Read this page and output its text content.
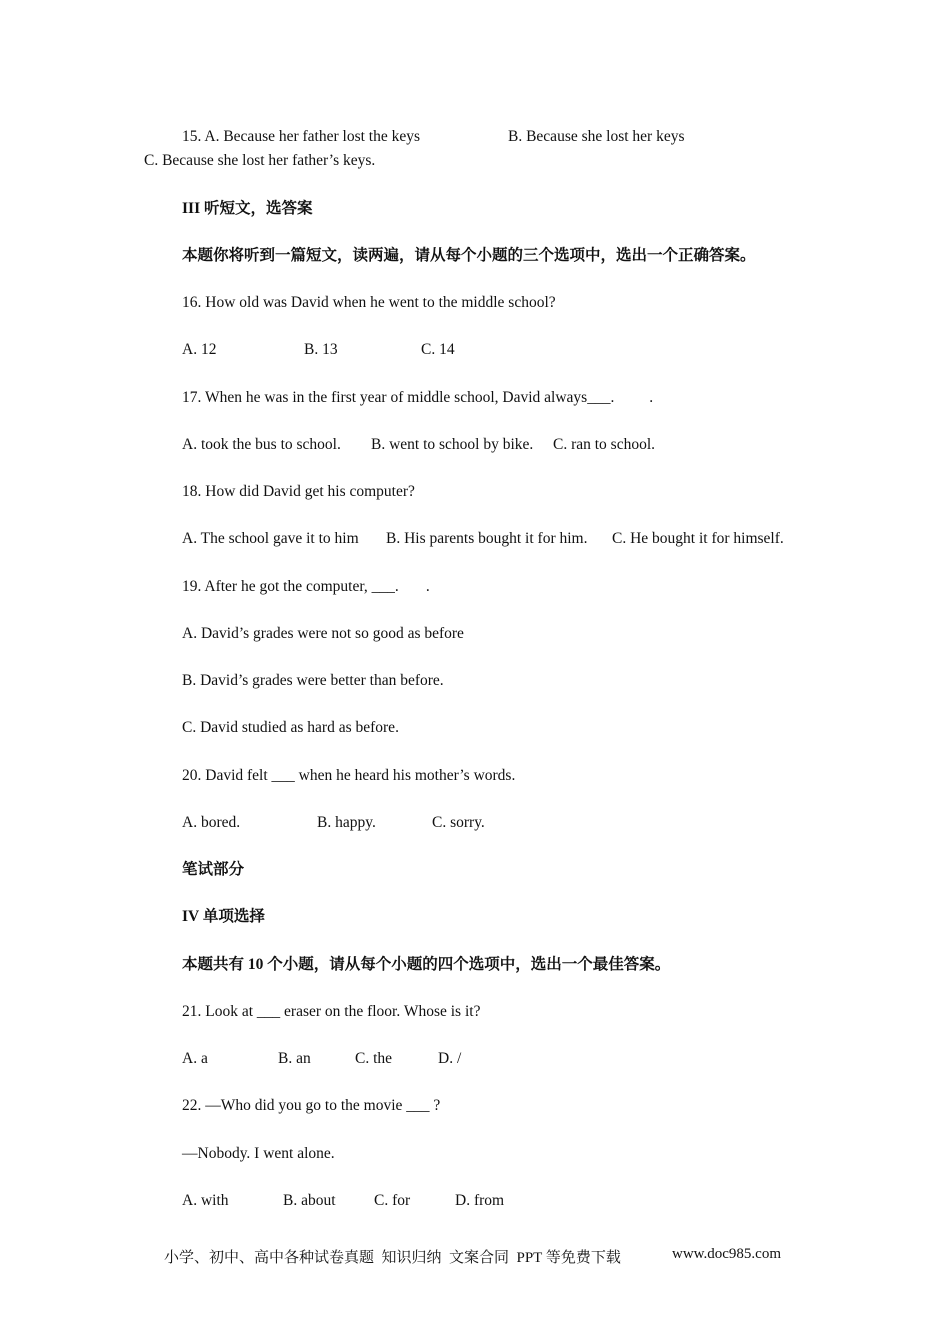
15. A. Because her father lost the keys	B. Because she lost her keys
C. Because she lost her father’s keys.
III 听短文，选答案
本题你将听到一篇短文，读两遍，请从每个小题的三个选项中，选出一个正确答案。
16. How old was David when he went to the middle school?
A. 12	B. 13	C. 14
17. When he was in the first year of middle school, David always___.         .
A. took the bus to school. B. went to school by bike. C. ran to school.
18. How did David get his computer?
A. The school gave it to him B. His parents bought it for him. C. He bought it for himself.
19. After he got the computer, ___.       .
A. David’s grades were not so good as before
B. David’s grades were better than before.
C. David studied as hard as before.
20. David felt ___ when he heard his mother’s words.
A. bored.	B. happy.	C. sorry.
笔试部分
IV 单项选择
本题共有 10 个小题，请从每个小题的四个选项中，选出一个最佳答案。
21. Look at ___ eraser on the floor. Whose is it?
A. a	B. an	C. the	D. /
22. —Who did you go to the movie ___ ?
—Nobody. I went alone.
A. with	B. about C. for	D. from
小学、初中、高中各种试卷真题  知识归纳  文案合同  PPT 等免费下载	www.doc985.com
